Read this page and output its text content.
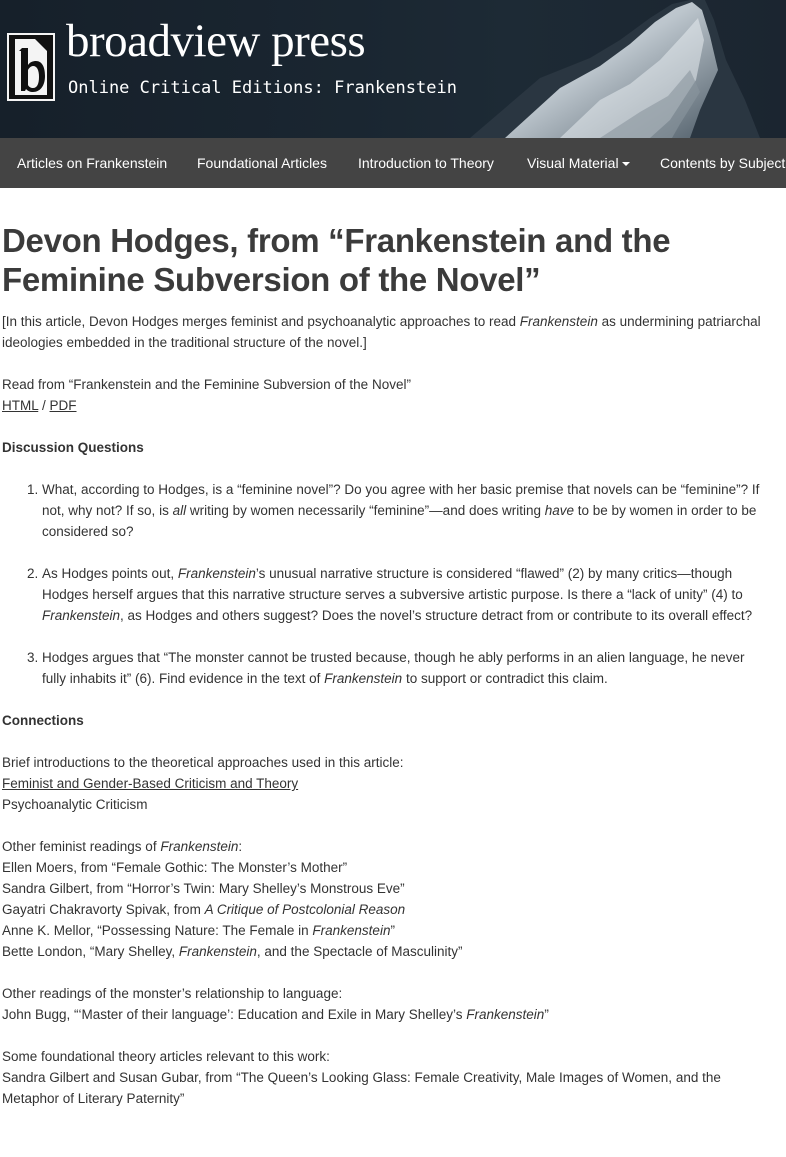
broadview press
Online Critical Editions: Frankenstein
Articles on Frankenstein Foundational Articles Introduction to Theory Visual Material	Contents by Subject
Devon Hodges, from “Frankenstein and the Feminine Subversion of the Novel”

[In this article, Devon Hodges merges feminist and psychoanalytic approaches to read Frankenstein as undermining patriarchal ideologies embedded in the traditional structure of the novel.]

Read from “Frankenstein and the Feminine Subversion of the Novel”

HTML / PDF

Discussion Questions

1. What, according to Hodges, is a “feminine novel”? Do you agree with her basic premise that novels can be “feminine”? If not, why not? If so, is all writing by women necessarily “feminine”—and does writing have to be by women in order to be considered so?
2. As Hodges points out, Frankenstein’s unusual narrative structure is considered “flawed” (2) by many critics—though Hodges herself argues that this narrative structure serves a subversive artistic purpose. Is there a “lack of unity” (4) to Frankenstein, as Hodges and others suggest? Does the novel’s structure detract from or contribute to its overall effect?
3. Hodges argues that “The monster cannot be trusted because, though he ably performs in an alien language, he never fully inhabits it” (6). Find evidence in the text of Frankenstein to support or contradict this claim.

Connections

Brief introductions to the theoretical approaches used in this article:

Feminist and Gender-Based Criticism and Theory

Psychoanalytic Criticism

Other feminist readings of Frankenstein:

Ellen Moers, from “Female Gothic: The Monster’s Mother”

Sandra Gilbert, from “Horror’s Twin: Mary Shelley’s Monstrous Eve”

Gayatri Chakravorty Spivak, from A Critique of Postcolonial Reason

Anne K. Mellor, “Possessing Nature: The Female in Frankenstein”

Bette London, “Mary Shelley, Frankenstein, and the Spectacle of Masculinity”

Other readings of the monster’s relationship to language:

John Bugg, “‘Master of their language’: Education and Exile in Mary Shelley’s Frankenstein”

Some foundational theory articles relevant to this work:

Sandra Gilbert and Susan Gubar, from “The Queen’s Looking Glass: Female Creativity, Male Images of Women, and the Metaphor of Literary Paternity”
